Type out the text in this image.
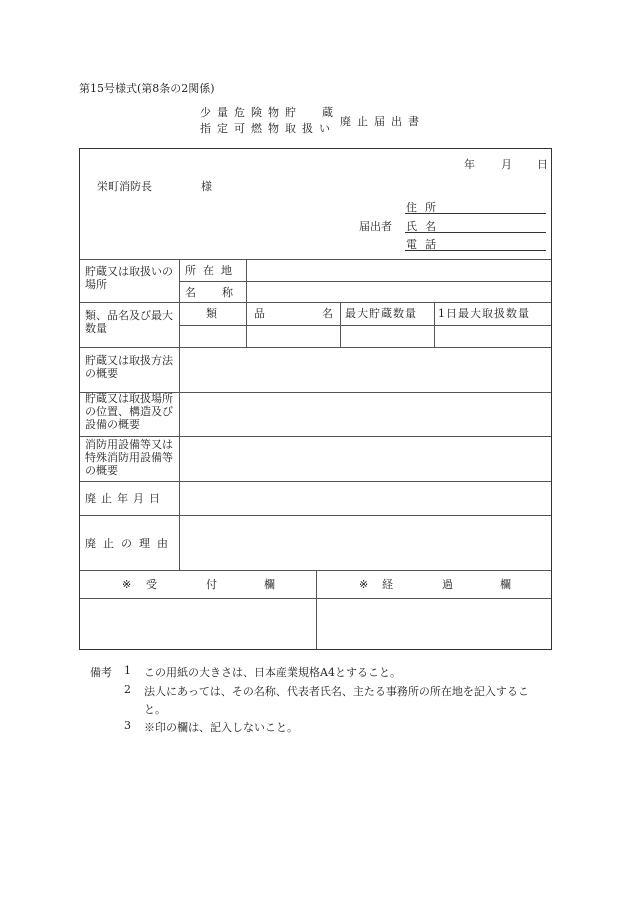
第15号様式(第8条の2関係)
少量危険物貯 蔵
指定可燃物取扱い
廃止届出書
年 月 日
栄町消防長	様
住所
届出者 氏名
電話
貯蔵又は取扱いの場所
所在地
名称
類、品名及び最大数量
類	品	名 最大貯蔵数量 1日最大取扱数量
貯蔵又は取扱方法の概要
貯蔵又は取扱場所の位置、構造及び設備の概要
消防用設備等又は特殊消防用設備等の概要
廃止年月日
廃止の理由
※ 受	付	欄	※ 経	過	欄
備考 1 この用紙の大きさは、日本産業規格A4とすること。
2 法人にあっては、その名称、代表者氏名、主たる事務所の所在地を記入するこ
と。
3 ※印の欄は、記入しないこと。
